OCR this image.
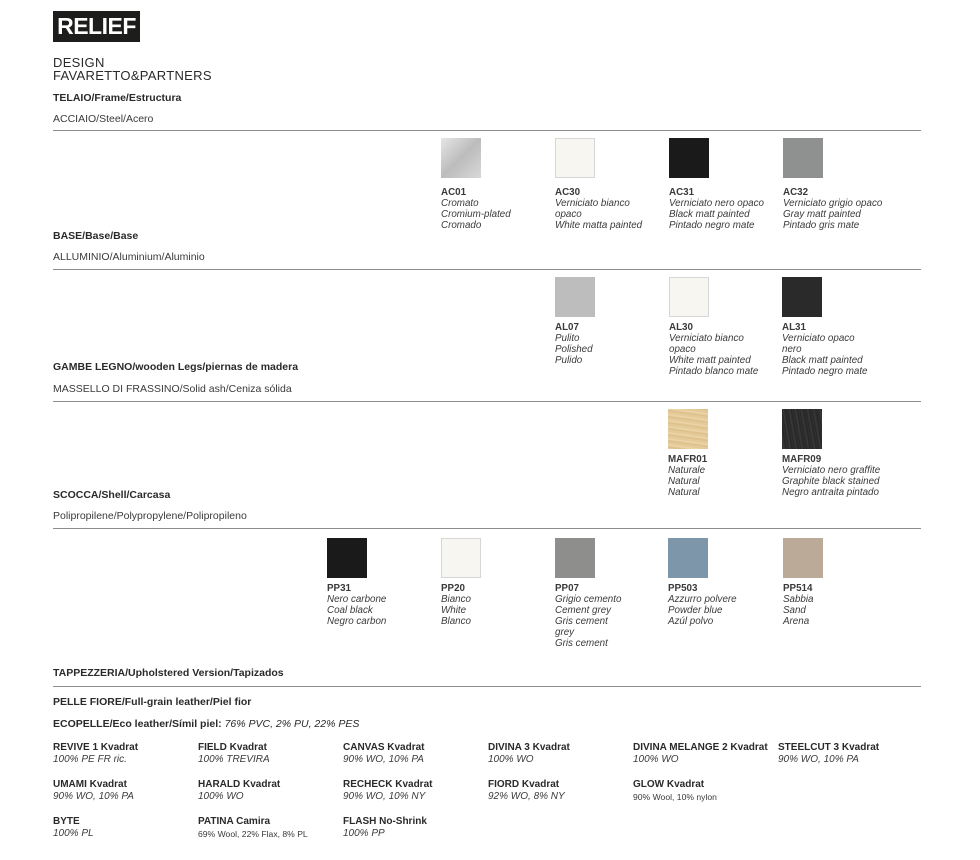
RELIEF
DESIGN
FAVARETTO&PARTNERS
TELAIO/Frame/Estructura
ACCIAIO/Steel/Acero
AC01
Cromato
Cromium-plated
Cromado
AC30
Verniciato bianco
opaco
White matta painted
AC31
Verniciato nero opaco
Black matt painted
Pintado negro mate
AC32
Verniciato grigio opaco
Gray matt painted
Pintado gris mate
BASE/Base/Base
ALLUMINIO/Aluminium/Aluminio
AL07
Pulito
Polished
Pulido
AL30
Verniciato bianco
opaco
White matt painted
Pintado blanco mate
AL31
Verniciato opaco
nero
Black matt painted
Pintado negro mate
GAMBE LEGNO/wooden Legs/piernas de madera
MASSELLO DI FRASSINO/Solid ash/Ceniza sólida
MAFR01
Naturale
Natural
Natural
MAFR09
Verniciato nero graffite
Graphite black stained
Negro antraita pintado
SCOCCA/Shell/Carcasa
Polipropilene/Polypropylene/Polipropileno
PP31
Nero carbone
Coal black
Negro carbon
PP20
Bianco
White
Blanco
PP07
Grigio cemento
Cement grey
Gris cement
grey
Gris cement
PP503
Azzurro polvere
Powder blue
Azúl polvo
PP514
Sabbia
Sand
Arena
TAPPEZZERIA/Upholstered Version/Tapizados
PELLE FIORE/Full-grain leather/Piel fior
ECOPELLE/Eco leather/Símil piel: 76% PVC, 2% PU, 22% PES
REVIVE 1 Kvadrat
100% PE FR ric.
FIELD Kvadrat
100% TREVIRA
CANVAS Kvadrat
90% WO, 10% PA
DIVINA 3 Kvadrat
100% WO
DIVINA MELANGE 2 Kvadrat
100% WO
STEELCUT 3 Kvadrat
90% WO, 10% PA
UMAMI Kvadrat
90% WO, 10% PA
HARALD Kvadrat
100% WO
RECHECK Kvadrat
90% WO, 10% NY
FIORD Kvadrat
92% WO, 8% NY
GLOW Kvadrat
90% Wool, 10% nylon
BYTE
100% PL
PATINA Camira
69% Wool, 22% Flax, 8% PL
FLASH No-Shrink
100% PP
